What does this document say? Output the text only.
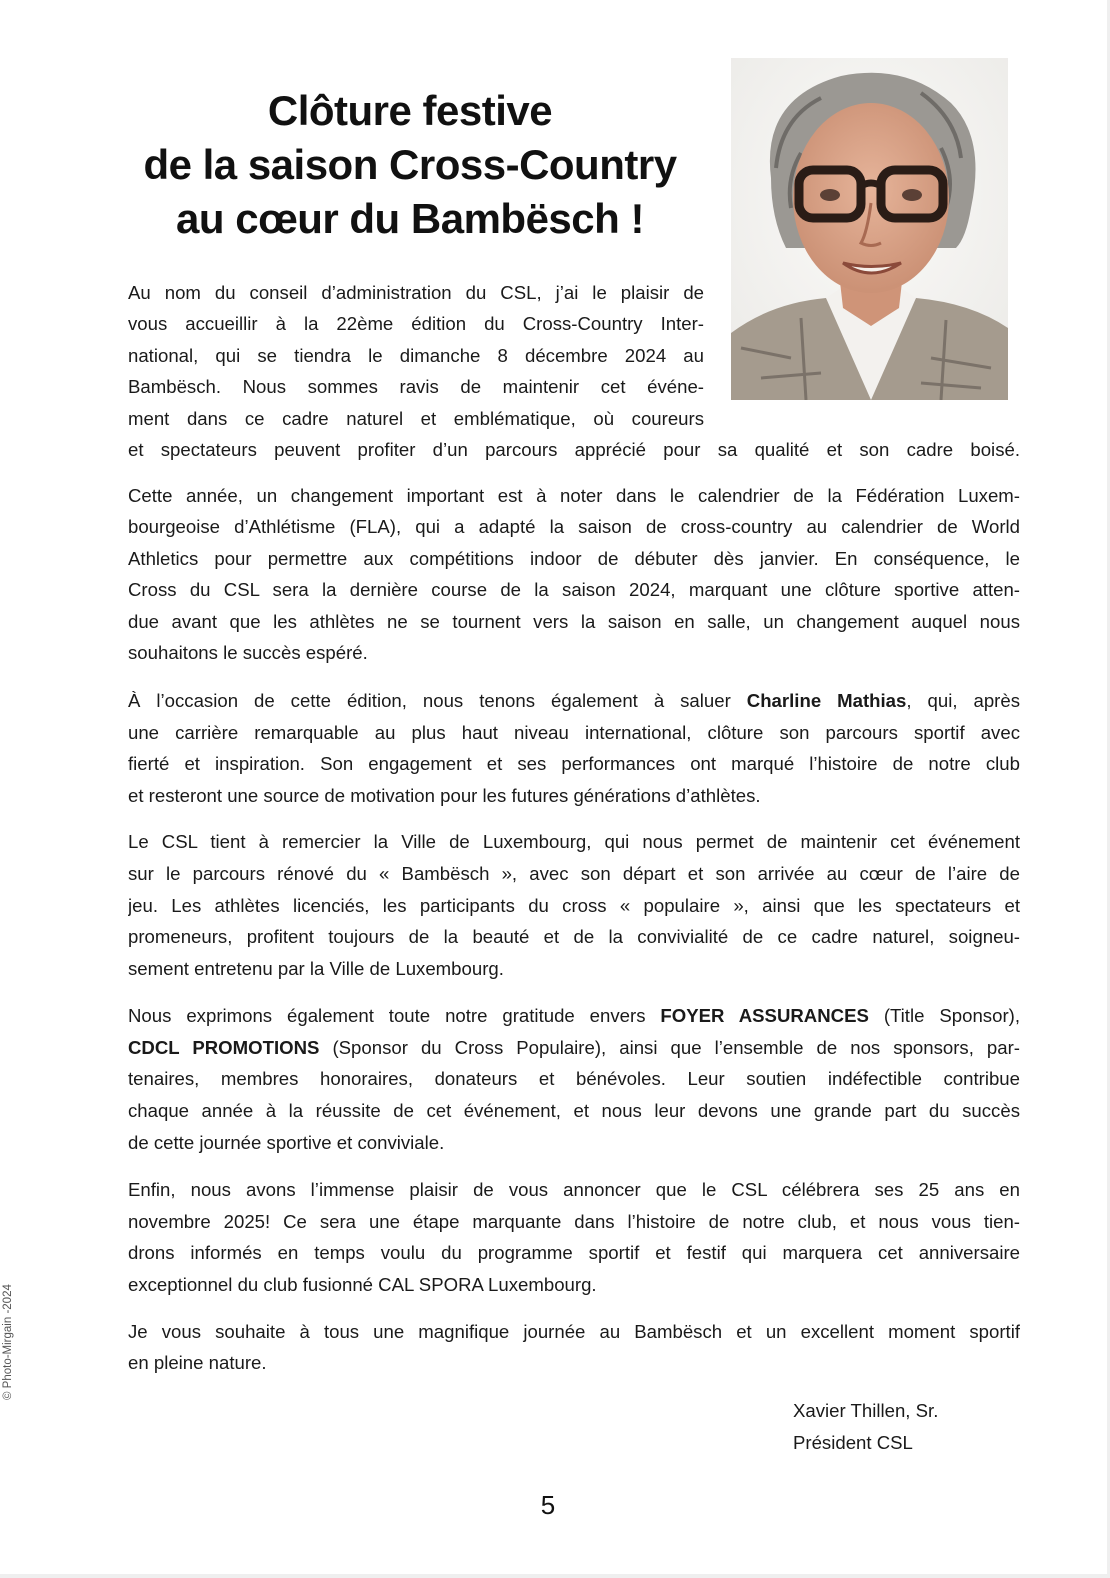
Clôture festive
de la saison Cross-Country
au cœur du Bambësch !
Au nom du conseil d’administration du CSL, j’ai le plaisir de
vous accueillir à la 22ème édition du Cross-Country Inter-
national, qui se tiendra le dimanche 8 décembre 2024 au
Bambësch. Nous sommes ravis de maintenir cet événe-
ment dans ce cadre naturel et emblématique, où coureurs
et spectateurs peuvent profiter d’un parcours apprécié pour sa qualité et son cadre boisé.
Cette année, un changement important est à noter dans le calendrier de la Fédération Luxem-
bourgeoise d’Athlétisme (FLA), qui a adapté la saison de cross-country au calendrier de World
Athletics pour permettre aux compétitions indoor de débuter dès janvier. En conséquence, le
Cross du CSL sera la dernière course de la saison 2024, marquant une clôture sportive atten-
due avant que les athlètes ne se tournent vers la saison en salle, un changement auquel nous
souhaitons le succès espéré.
À l’occasion de cette édition, nous tenons également à saluer Charline Mathias, qui, après
une carrière remarquable au plus haut niveau international, clôture son parcours sportif avec
fierté et inspiration. Son engagement et ses performances ont marqué l’histoire de notre club
et resteront une source de motivation pour les futures générations d’athlètes.
Le CSL tient à remercier la Ville de Luxembourg, qui nous permet de maintenir cet événement
sur le parcours rénové du « Bambësch », avec son départ et son arrivée au cœur de l’aire de
jeu. Les athlètes licenciés, les participants du cross « populaire », ainsi que les spectateurs et
promeneurs, profitent toujours de la beauté et de la convivialité de ce cadre naturel, soigneu-
sement entretenu par la Ville de Luxembourg.
Nous exprimons également toute notre gratitude envers FOYER ASSURANCES (Title Sponsor),
CDCL PROMOTIONS (Sponsor du Cross Populaire), ainsi que l’ensemble de nos sponsors, par-
tenaires, membres honoraires, donateurs et bénévoles. Leur soutien indéfectible contribue
chaque année à la réussite de cet événement, et nous leur devons une grande part du succès
de cette journée sportive et conviviale.
Enfin, nous avons l’immense plaisir de vous annoncer que le CSL célébrera ses 25 ans en
novembre 2025! Ce sera une étape marquante dans l’histoire de notre club, et nous vous tien-
drons informés en temps voulu du programme sportif et festif qui marquera cet anniversaire
exceptionnel du club fusionné CAL SPORA Luxembourg.
Je vous souhaite à tous une magnifique journée au Bambësch et un excellent moment sportif
en pleine nature.
Xavier Thillen, Sr.
Président CSL
5
© Photo-Mirgain -2024
